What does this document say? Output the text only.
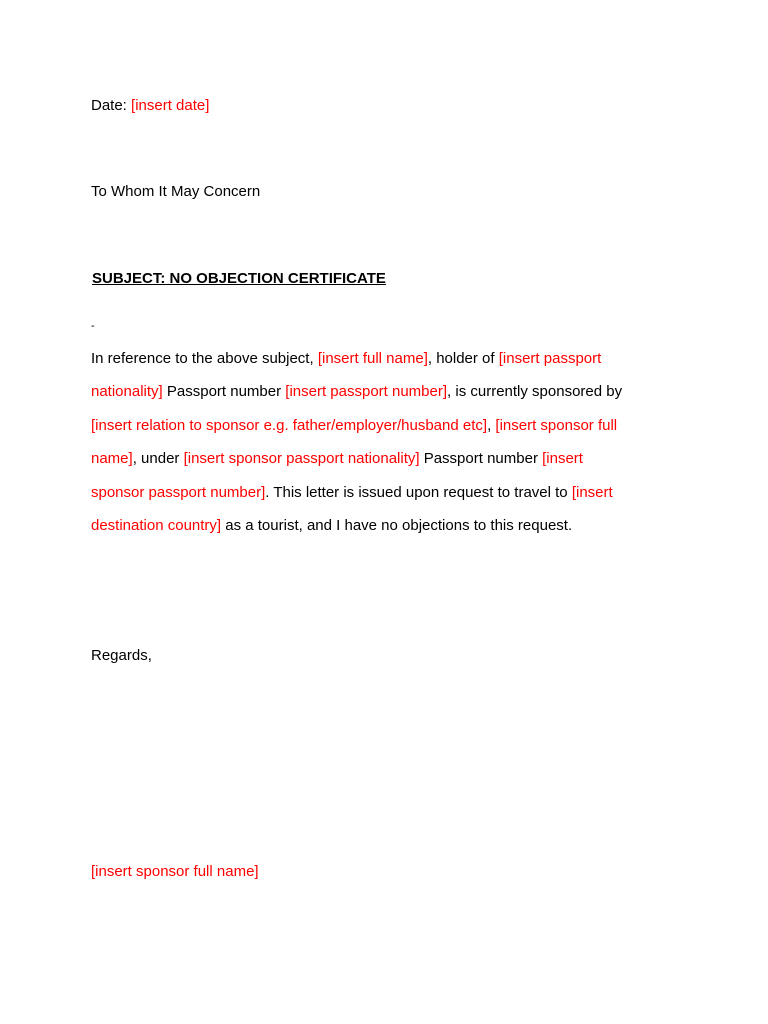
Date: [insert date]
To Whom It May Concern
SUBJECT: NO OBJECTION CERTIFICATE
-
In reference to the above subject, [insert full name], holder of [insert passport
nationality] Passport number [insert passport number], is currently sponsored by
[insert relation to sponsor e.g. father/employer/husband etc], [insert sponsor full
name], under [insert sponsor passport nationality] Passport number [insert
sponsor passport number]. This letter is issued upon request to travel to [insert
destination country] as a tourist, and I have no objections to this request.
Regards,
[insert sponsor full name]
